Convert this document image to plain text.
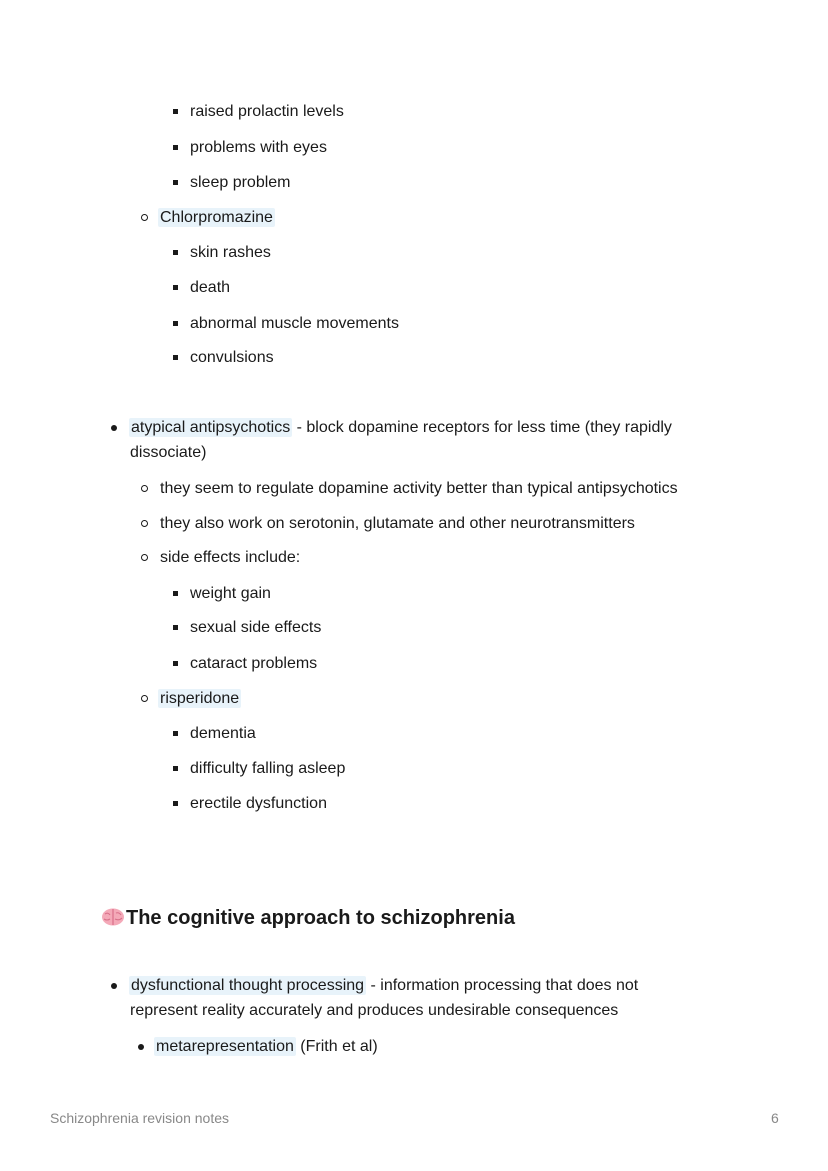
raised prolactin levels
problems with eyes
sleep problem
Chlorpromazine
skin rashes
death
abnormal muscle movements
convulsions
atypical antipsychotics - block dopamine receptors for less time (they rapidly
dissociate)
they seem to regulate dopamine activity better than typical antipsychotics
they also work on serotonin, glutamate and other neurotransmitters
side effects include:
weight gain
sexual side effects
cataract problems
risperidone
dementia
difficulty falling asleep
erectile dysfunction
The cognitive approach to schizophrenia
dysfunctional thought processing - information processing that does not
represent reality accurately and produces undesirable consequences
metarepresentation (Frith et al)
Schizophrenia revision notes	6
